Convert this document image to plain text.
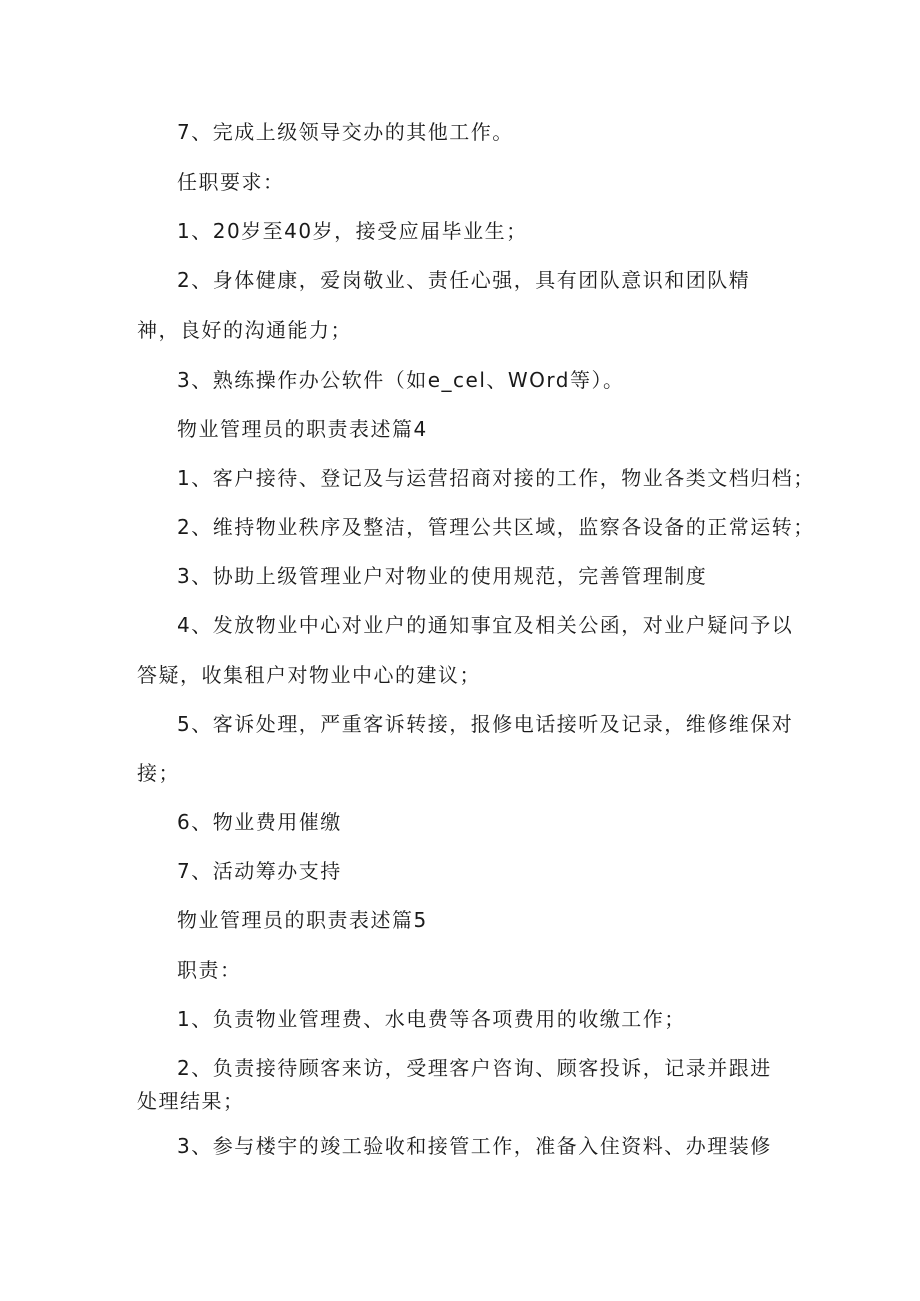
7、完成上级领导交办的其他工作。
任职要求：
1、20岁至40岁，接受应届毕业生；
2、身体健康，爱岗敬业、责任心强，具有团队意识和团队精
神，良好的沟通能力；
3、熟练操作办公软件（如e_cel、WOrd等）。
物业管理员的职责表述篇4
1、客户接待、登记及与运营招商对接的工作，物业各类文档归档；
2、维持物业秩序及整洁，管理公共区域，监察各设备的正常运转；
3、协助上级管理业户对物业的使用规范，完善管理制度
4、发放物业中心对业户的通知事宜及相关公函，对业户疑问予以
答疑，收集租户对物业中心的建议；
5、客诉处理，严重客诉转接，报修电话接听及记录，维修维保对
接；
6、物业费用催缴
7、活动筹办支持
物业管理员的职责表述篇5
职责：
1、负责物业管理费、水电费等各项费用的收缴工作；
2、负责接待顾客来访，受理客户咨询、顾客投诉，记录并跟进
处理结果；
3、参与楼宇的竣工验收和接管工作，准备入住资料、办理装修
